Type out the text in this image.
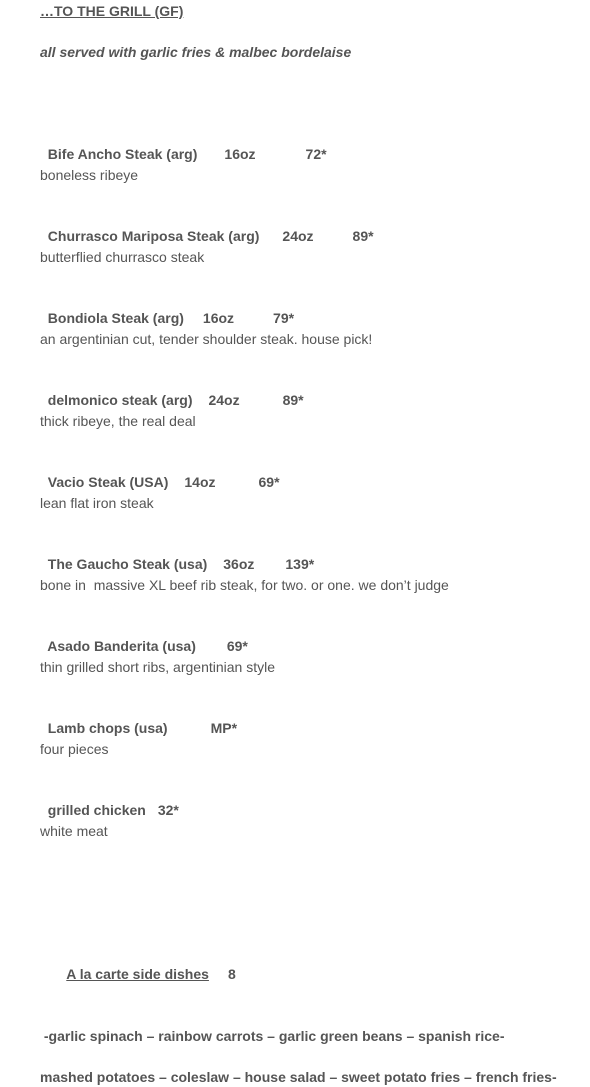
…TO THE GRILL (GF)

all served with garlic fries & malbec bordelaise

Bife Ancho Steak (arg) 16oz	72*

boneless ribeye

Churrasco Mariposa Steak (arg) 24oz	89*

butterflied churrasco steak

Bondiola Steak (arg) 16oz	79*

an argentinian cut, tender shoulder steak. house pick!

delmonico steak (arg) 24oz	89*

thick ribeye, the real deal

Vacio Steak (USA) 14oz	69*

lean flat iron steak

The Gaucho Steak (usa) 36oz 139*

bone in  massive XL beef rib steak, for two. or one. we don’t judge

Asado Banderita (usa) 69*

thin grilled short ribs, argentinian style

Lamb chops (usa)	MP*

four pieces

grilled chicken 32*

white meat

A la carte side dishes 8

-garlic spinach – rainbow carrots – garlic green beans – spanish rice-

mashed potatoes – coleslaw – house salad – sweet potato fries – french fries-
